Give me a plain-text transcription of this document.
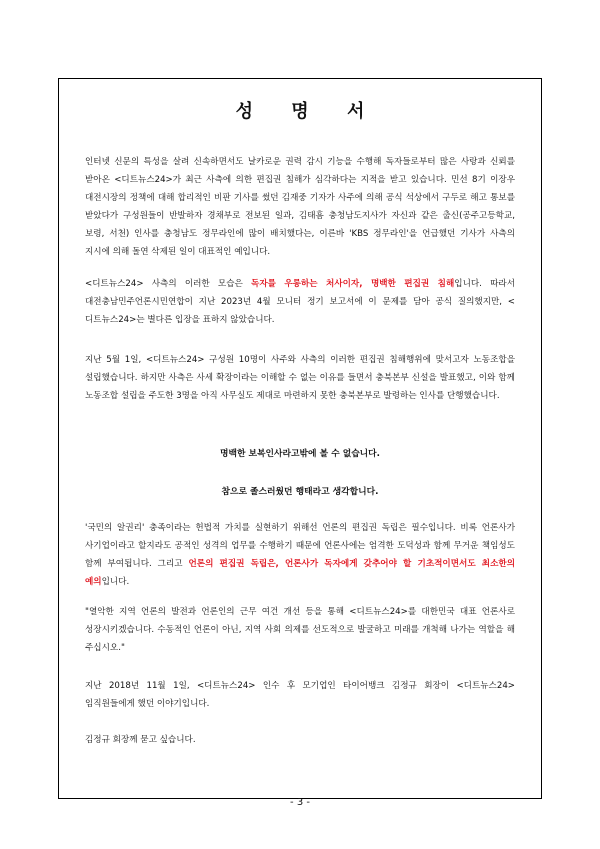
성 명 서

인터넷 신문의 특성을 살려 신속하면서도 날카로운 권력 감시 기능을 수행해 독자들로부터 많은 사랑과 신뢰를 받아온 <디트뉴스24>가 최근 사측에 의한 편집권 침해가 심각하다는 지적을 받고 있습니다. 민선 8기 이장우 대전시장의 정책에 대해 합리적인 비판 기사를 썼던 김재중 기자가 사주에 의해 공식 석상에서 구두로 해고 통보를 받았다가 구성원들이 반발하자 경채부로 전보된 일과, 김태흠 충청남도지사가 자신과 같은 출신(공주고등학교, 보령, 서천) 인사를 충청남도 정무라인에 많이 배치했다는, 이른바 'KBS 정무라인'을 언급했던 기사가 사측의 지시에 의해 돌연 삭제된 일이 대표적인 예입니다.

<디트뉴스24> 사측의 이러한 모습은 독자를 우롱하는 처사이자, 명백한 편집권 침해입니다. 따라서 대전충남민주언론시민연합이 지난 2023년 4월 모니터 정기 보고서에 이 문제를 담아 공식 질의했지만, <디트뉴스24>는 별다른 입장을 표하지 않았습니다.

지난 5월 1일, <디트뉴스24> 구성원 10명이 사주와 사측의 이러한 편집권 침해행위에 맞서고자 노동조합을 설립했습니다. 하지만 사측은 사세 확장이라는 이해할 수 없는 이유를 들면서 충북본부 신설을 발표했고, 이와 함께 노동조합 설립을 주도한 3명을 아직 사무실도 제대로 마련하지 못한 충북본부로 발령하는 인사를 단행했습니다.

명백한 보복인사라고밖에 볼 수 없습니다.

참으로 졸스러웠던 행태라고 생각합니다.

'국민의 알권리' 충족이라는 헌법적 가치를 실현하기 위해선 언론의 편집권 독립은 필수입니다. 비록 언론사가 사기업이라고 할지라도 공적인 성격의 업무를 수행하기 때문에 언론사에는 엄격한 도덕성과 함께 무거운 책임성도 함께 부여됩니다. 그리고 언론의 편집권 독립은, 언론사가 독자에게 갖추어야 할 기초적이면서도 최소한의 예의입니다.

"열악한 지역 언론의 발전과 언론인의 근무 여건 개선 등을 통해 <디트뉴스24>를 대한민국 대표 언론사로 성장시키겠습니다. 수동적인 언론이 아닌, 지역 사회 의제를 선도적으로 발굴하고 미래를 개척해 나가는 역할을 해 주십시오."

지난 2018년 11월 1일, <디트뉴스24> 인수 후 모기업인 타이어뱅크 김정규 회장이 <디트뉴스24> 임직원들에게 했던 이야기입니다.

김정규 회장께 묻고 싶습니다.

- 3 -
